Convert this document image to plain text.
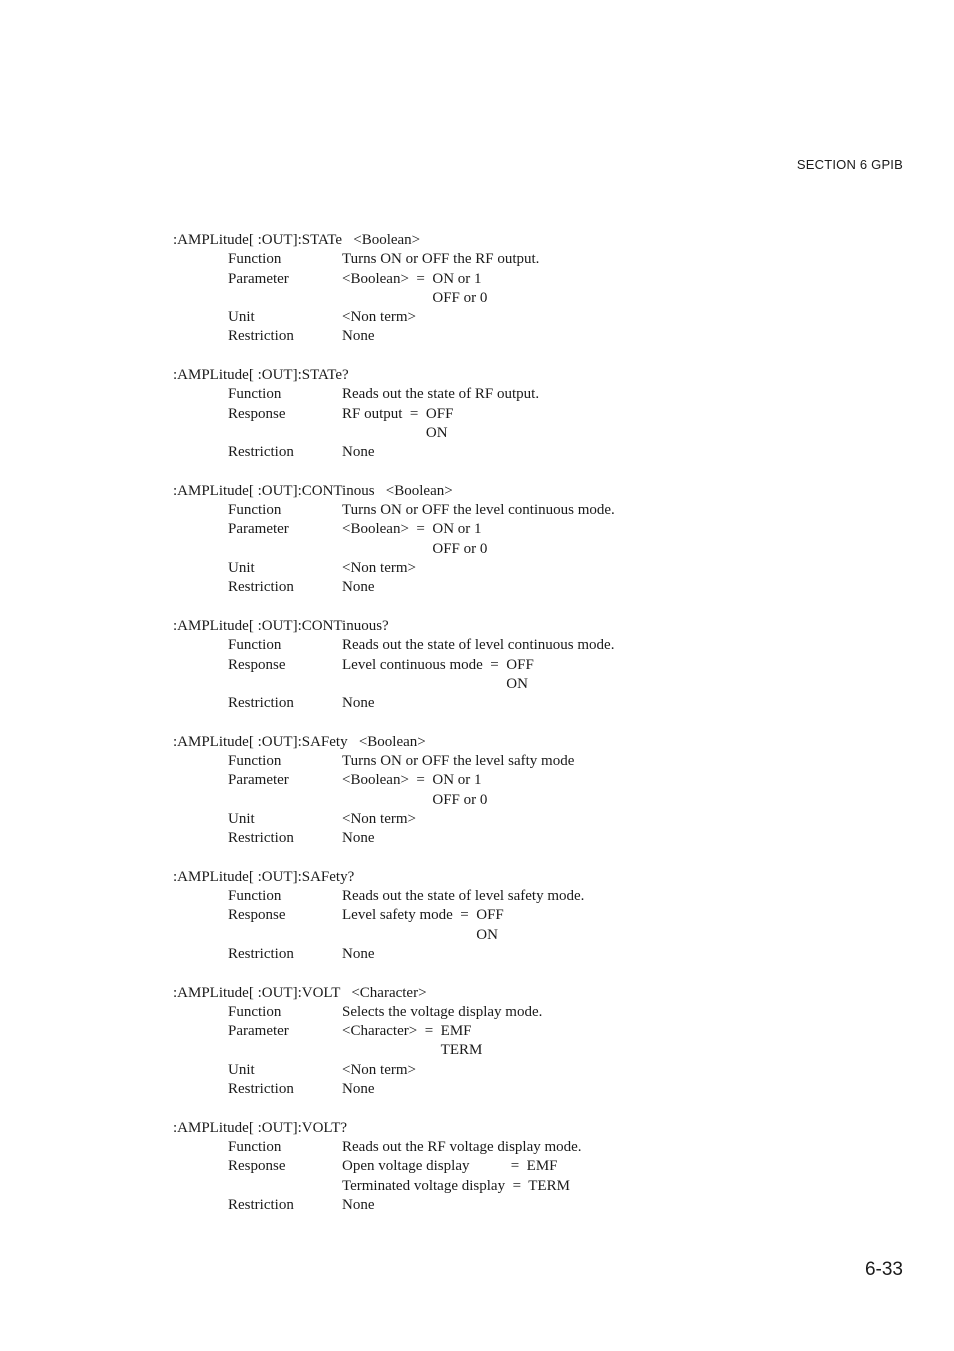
SECTION 6 GPIB
:AMPLitude[ :OUT]:STATe   <Boolean>
Function	Turns ON or OFF the RF output.
Parameter	<Boolean>  = ON or 1
OFF or 0
Unit	<Non term>
Restriction	None
:AMPLitude[ :OUT]:STATe?
Function	Reads out the state of RF output.
Response	RF output  = OFF
ON
Restriction	None
:AMPLitude[ :OUT]:CONTinous   <Boolean>
Function	Turns ON or OFF the level continuous mode.
Parameter	<Boolean>  = ON or 1
OFF or 0
Unit	<Non term>
Restriction	None
:AMPLitude[ :OUT]:CONTinuous?
Function	Reads out the state of level continuous mode.
Response	Level continuous mode  = OFF
ON
Restriction	None
:AMPLitude[ :OUT]:SAFety   <Boolean>
Function	Turns ON or OFF the level safty mode
Parameter	<Boolean>  = ON or 1
OFF or 0
Unit	<Non term>
Restriction	None
:AMPLitude[ :OUT]:SAFety?
Function	Reads out the state of level safety mode.
Response	Level safety mode  = OFF
ON
Restriction	None
:AMPLitude[ :OUT]:VOLT   <Character>
Function	Selects the voltage display mode.
Parameter	<Character>  = EMF
TERM
Unit	<Non term>
Restriction	None
:AMPLitude[ :OUT]:VOLT?
Function	Reads out the RF voltage display mode.
Response	Open voltage display           =  EMF
Terminated voltage display  =  TERM
Restriction	None
6-33
